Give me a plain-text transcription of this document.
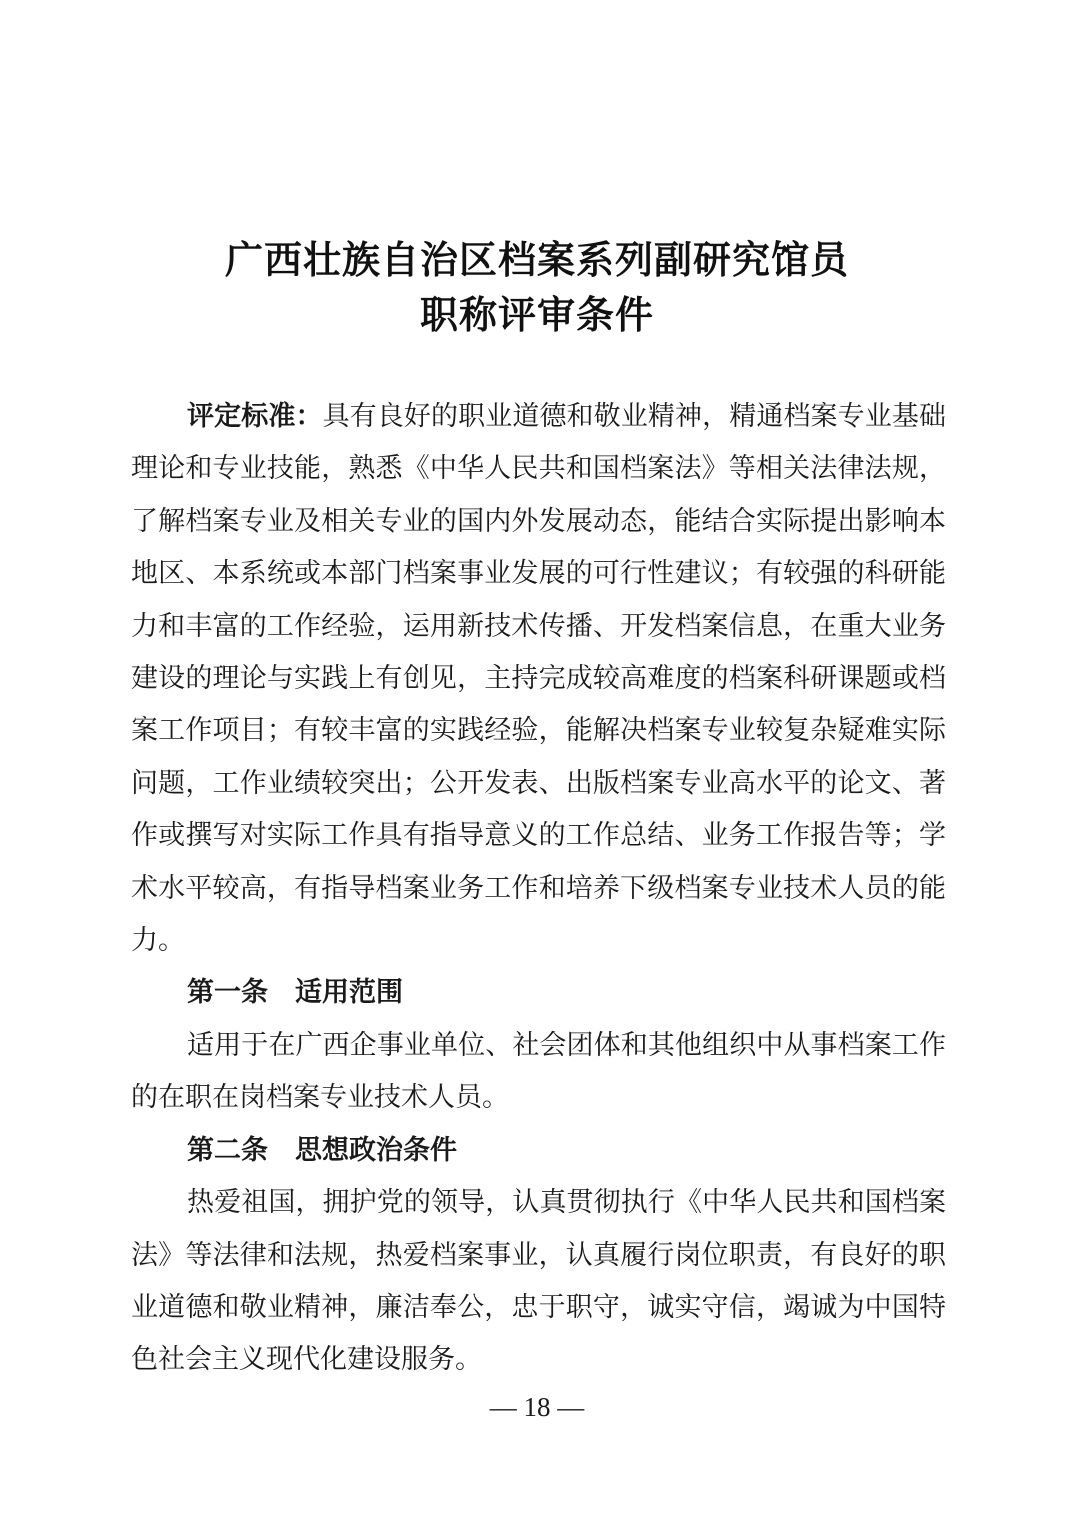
广西壮族自治区档案系列副研究馆员
职称评审条件

评定标准：具有良好的职业道德和敬业精神，精通档案专业基础理论和专业技能，熟悉《中华人民共和国档案法》等相关法律法规，了解档案专业及相关专业的国内外发展动态，能结合实际提出影响本地区、本系统或本部门档案事业发展的可行性建议；有较强的科研能力和丰富的工作经验，运用新技术传播、开发档案信息，在重大业务建设的理论与实践上有创见，主持完成较高难度的档案科研课题或档案工作项目；有较丰富的实践经验，能解决档案专业较复杂疑难实际问题，工作业绩较突出；公开发表、出版档案专业高水平的论文、著作或撰写对实际工作具有指导意义的工作总结、业务工作报告等；学术水平较高，有指导档案业务工作和培养下级档案专业技术人员的能力。

第一条 适用范围

适用于在广西企事业单位、社会团体和其他组织中从事档案工作的在职在岗档案专业技术人员。

第二条 思想政治条件

热爱祖国，拥护党的领导，认真贯彻执行《中华人民共和国档案法》等法律和法规，热爱档案事业，认真履行岗位职责，有良好的职业道德和敬业精神，廉洁奉公，忠于职守，诚实守信，竭诚为中国特色社会主义现代化建设服务。

— 18 —
